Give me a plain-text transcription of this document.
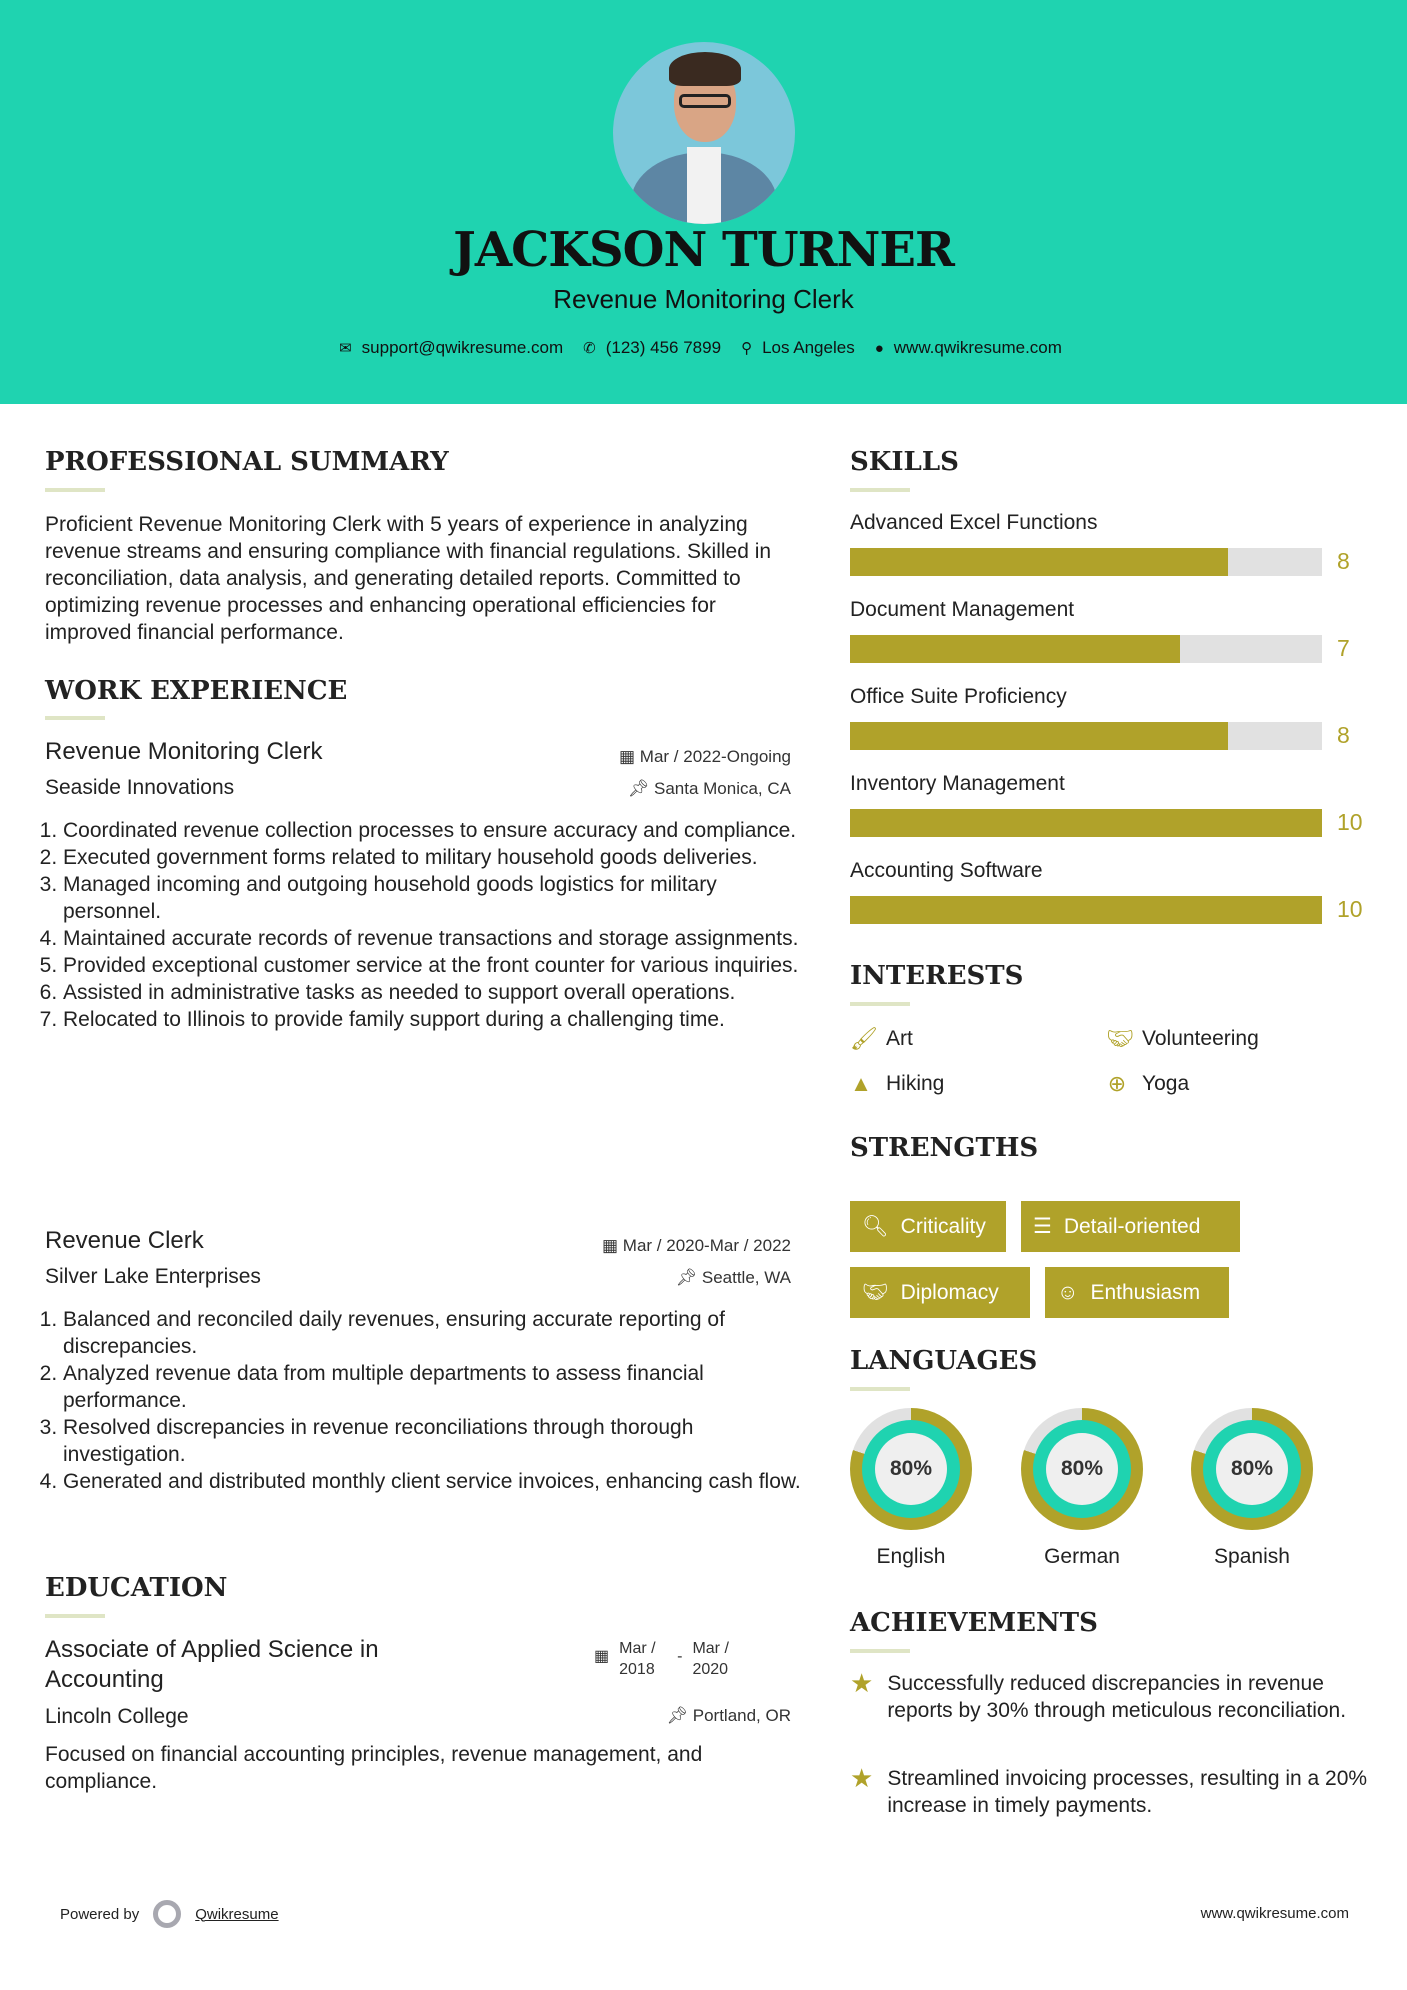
JACKSON TURNER
Revenue Monitoring Clerk
✉ support@qwikresume.com ✆ (123) 456 7899 ⚲ Los Angeles ● www.qwikresume.com
PROFESSIONAL SUMMARY
Proficient Revenue Monitoring Clerk with 5 years of experience in analyzing revenue streams and ensuring compliance with financial regulations. Skilled in reconciliation, data analysis, and generating detailed reports. Committed to optimizing revenue processes and enhancing operational efficiencies for improved financial performance.
WORK EXPERIENCE
Revenue Monitoring Clerk	▦ Mar / 2022-Ongoing
Seaside Innovations	📌︎ Santa Monica, CA
1. Coordinated revenue collection processes to ensure accuracy and compliance.
2. Executed government forms related to military household goods deliveries.
3. Managed incoming and outgoing household goods logistics for military personnel.
4. Maintained accurate records of revenue transactions and storage assignments.
5. Provided exceptional customer service at the front counter for various inquiries.
6. Assisted in administrative tasks as needed to support overall operations.
7. Relocated to Illinois to provide family support during a challenging time.
Revenue Clerk	▦ Mar / 2020-Mar / 2022
Silver Lake Enterprises	📌︎ Seattle, WA
1. Balanced and reconciled daily revenues, ensuring accurate reporting of discrepancies.
2. Analyzed revenue data from multiple departments to assess financial performance.
3. Resolved discrepancies in revenue reconciliations through thorough investigation.
4. Generated and distributed monthly client service invoices, enhancing cash flow.
EDUCATION
Associate of Applied Science in Accounting
▦ Mar / 2018
- Mar / 2020
Lincoln College	📌︎ Portland, OR
Focused on financial accounting principles, revenue management, and compliance.
SKILLS
Advanced Excel Functions
8
Document Management
7
Office Suite Proficiency
8
Inventory Management
10
Accounting Software
10
INTERESTS
🖌︎ Art	🤝︎ Volunteering
▲ Hiking	⊕ Yoga
STRENGTHS
🔍︎ Criticality ☰ Detail-oriented
🤝︎ Diplomacy	☺ Enthusiasm
LANGUAGES
80%	80%	80%
English	German	Spanish
ACHIEVEMENTS
★ Successfully reduced discrepancies in revenue reports by 30% through meticulous reconciliation.
★ Streamlined invoicing processes, resulting in a 20% increase in timely payments.
Powered by	Qwikresume	www.qwikresume.com
